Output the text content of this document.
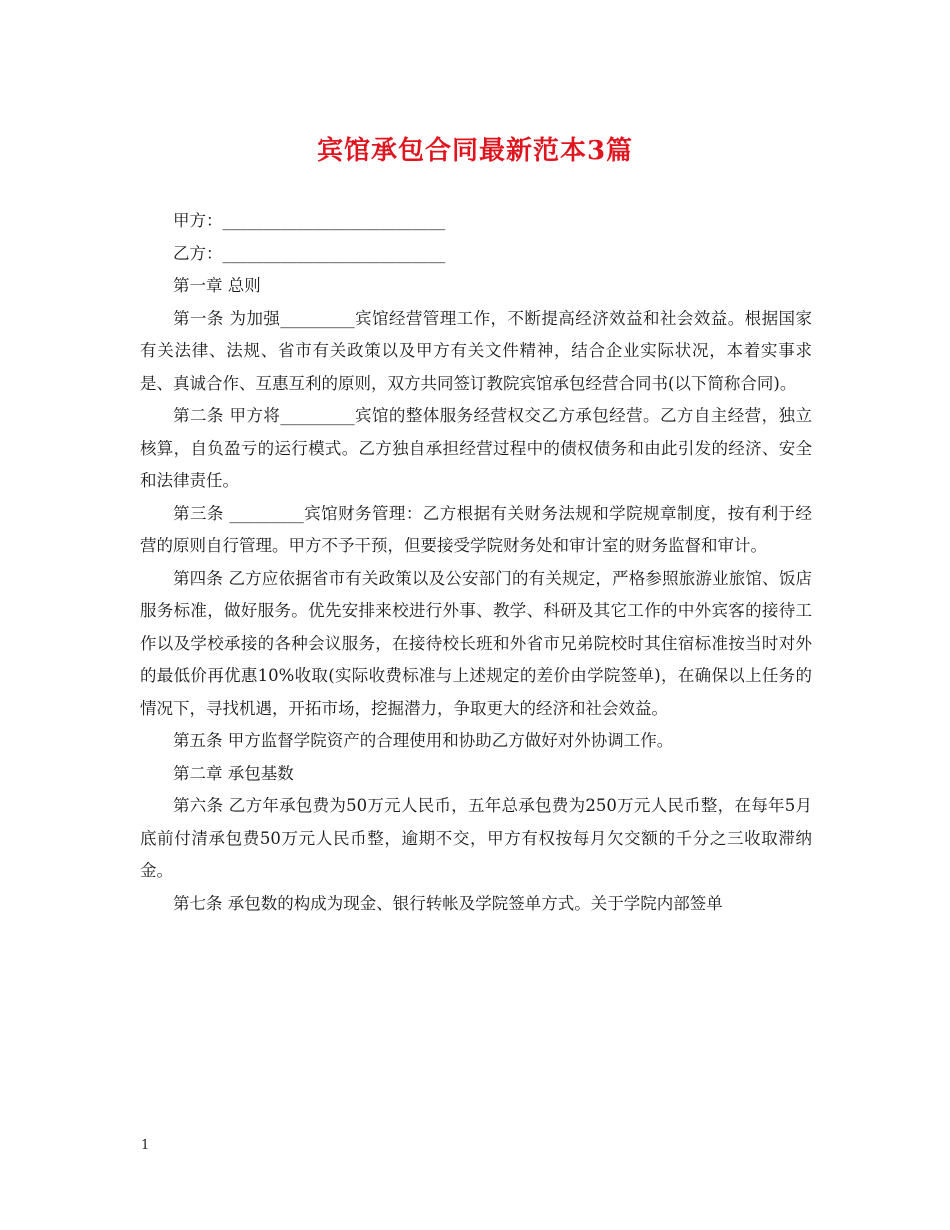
宾馆承包合同最新范本3篇

甲方：___________________________

乙方：___________________________

第一章 总则

第一条 为加强_________宾馆经营管理工作，不断提高经济效益和社会效益。根据国家有关法律、法规、省市有关政策以及甲方有关文件精神，结合企业实际状况，本着实事求是、真诚合作、互惠互利的原则，双方共同签订教院宾馆承包经营合同书(以下简称合同)。

第二条 甲方将_________宾馆的整体服务经营权交乙方承包经营。乙方自主经营，独立核算，自负盈亏的运行模式。乙方独自承担经营过程中的债权债务和由此引发的经济、安全和法律责任。

第三条 _________宾馆财务管理：乙方根据有关财务法规和学院规章制度，按有利于经营的原则自行管理。甲方不予干预，但要接受学院财务处和审计室的财务监督和审计。

第四条 乙方应依据省市有关政策以及公安部门的有关规定，严格参照旅游业旅馆、饭店服务标准，做好服务。优先安排来校进行外事、教学、科研及其它工作的中外宾客的接待工作以及学校承接的各种会议服务，在接待校长班和外省市兄弟院校时其住宿标准按当时对外的最低价再优惠10%收取(实际收费标准与上述规定的差价由学院签单)，在确保以上任务的情况下，寻找机遇，开拓市场，挖掘潜力，争取更大的经济和社会效益。

第五条 甲方监督学院资产的合理使用和协助乙方做好对外协调工作。

第二章 承包基数

第六条 乙方年承包费为50万元人民币，五年总承包费为250万元人民币整，在每年5月底前付清承包费50万元人民币整，逾期不交，甲方有权按每月欠交额的千分之三收取滞纳金。

第七条 承包数的构成为现金、银行转帐及学院签单方式。关于学院内部签单

1
